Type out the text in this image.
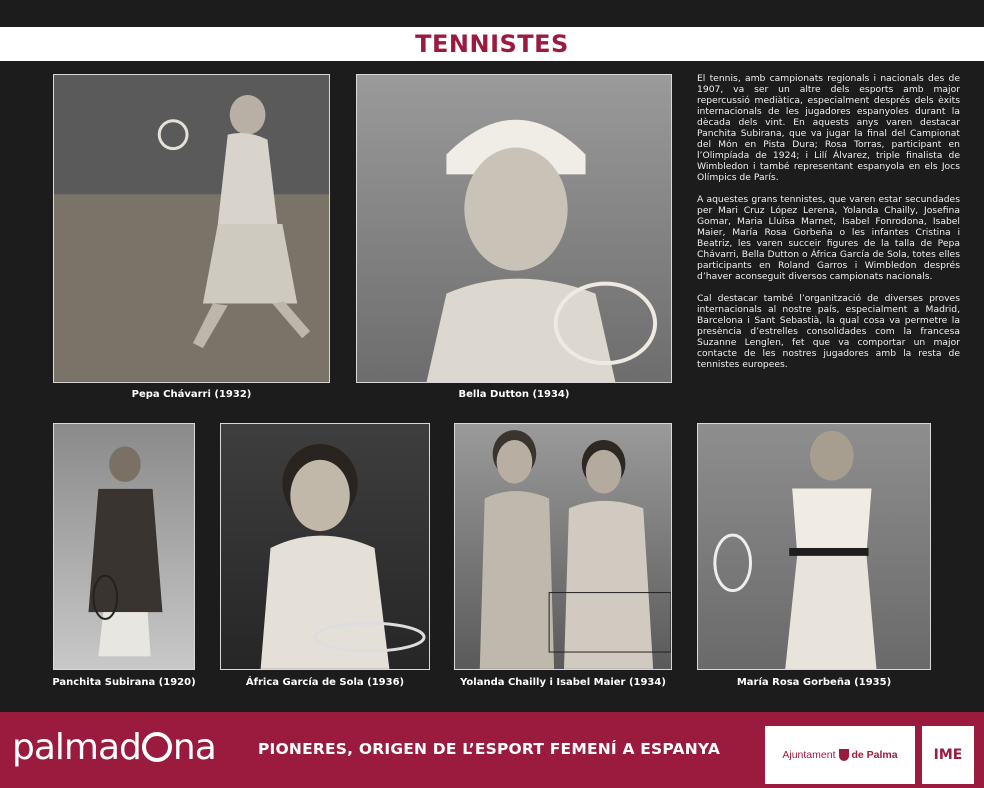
TENNISTES
Pepa Chávarri (1932)	Bella Dutton (1934)

El tennis, amb campionats regionals i nacionals des de 1907, va ser un altre dels esports amb major repercussió mediàtica, especialment després dels èxits internacionals de les jugadores espanyoles durant la dècada dels vint. En aquests anys varen destacar Panchita Subirana, que va jugar la final del Campionat del Món en Pista Dura; Rosa Torras, participant en l’Olimpíada de 1924; i Lilí Álvarez, triple finalista de Wimbledon i també representant espanyola en els Jocs Olímpics de París.

A aquestes grans tennistes, que varen estar secundades per Mari Cruz López Lerena, Yolanda Chailly, Josefina Gomar, Maria Lluïsa Marnet, Isabel Fonrodona, Isabel Maier, María Rosa Gorbeña o les infantes Cristina i Beatriz, les varen succeir figures de la talla de Pepa Chávarri, Bella Dutton o África García de Sola, totes elles participants en Roland Garros i Wimbledon després d’haver aconseguit diversos campionats nacionals.

Cal destacar també l’organització de diverses proves internacionals al nostre país, especialment a Madrid, Barcelona i Sant Sebastià, la qual cosa va permetre la presència d’estrelles consolidades com la francesa Suzanne Lenglen, fet que va comportar un major contacte de les nostres jugadores amb la resta de tennistes europees.

Panchita Subirana (1920)	África García de Sola (1936)	Yolanda Chailly i Isabel Maier (1934)	María Rosa Gorbeña (1935)
palmad na	PIONERES, ORIGEN DE L’ESPORT FEMENÍ A ESPANYA	Ajuntament de Palma	IME
